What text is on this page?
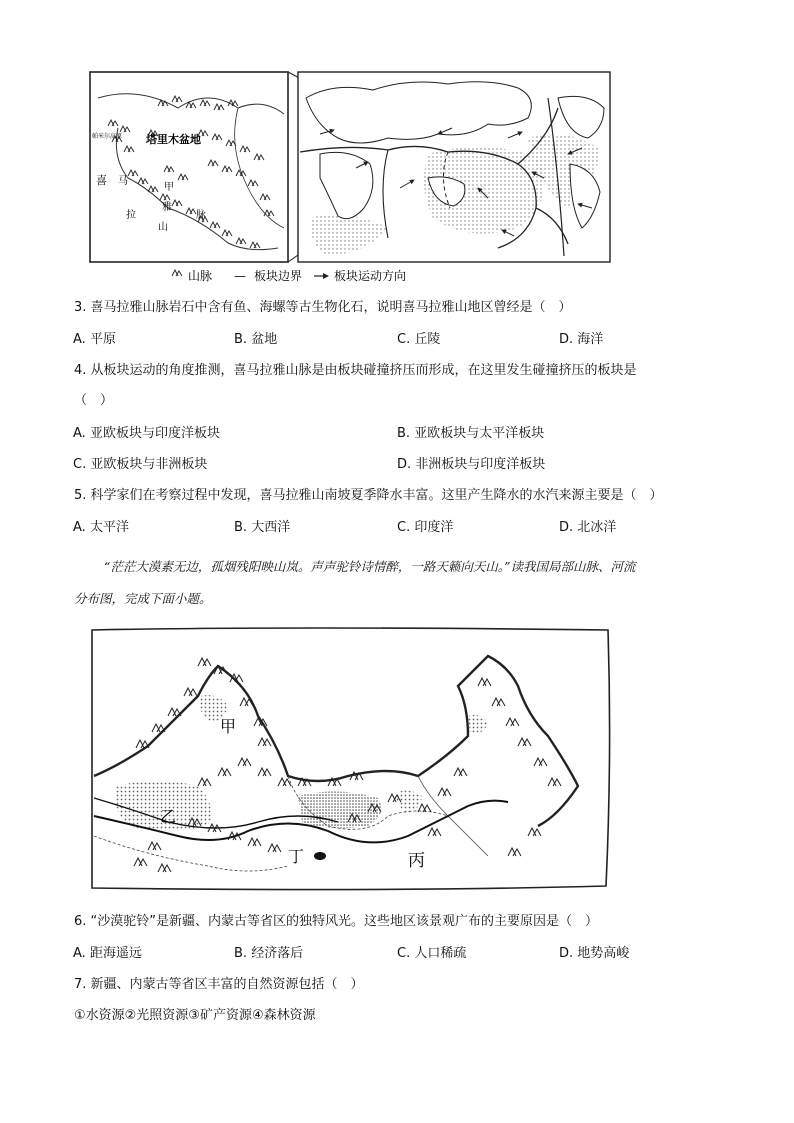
塔里木盆地
帕米尔高原
喜 马
拉
甲
雅
山
脉
山脉 — 板块边界	板块运动方向
3. 喜马拉雅山脉岩石中含有鱼、海螺等古生物化石，说明喜马拉雅山地区曾经是（　）
A. 平原	B. 盆地	C. 丘陵	D. 海洋
4. 从板块运动的角度推测，喜马拉雅山脉是由板块碰撞挤压而形成，在这里发生碰撞挤压的板块是
（　）
A. 亚欧板块与印度洋板块	B. 亚欧板块与太平洋板块
C. 亚欧板块与非洲板块	D. 非洲板块与印度洋板块
5. 科学家们在考察过程中发现，喜马拉雅山南坡夏季降水丰富。这里产生降水的水汽来源主要是（　）
A. 太平洋	B. 大西洋	C. 印度洋	D. 北冰洋
“茫茫大漠素无边，孤烟残阳映山岚。声声驼铃诗情醉，一路天籁向天山。”读我国局部山脉、河流
分布图，完成下面小题。
甲
乙
丁	丙
6. “沙漠驼铃”是新疆、内蒙古等省区的独特风光。这些地区该景观广布的主要原因是（　）
A. 距海遥远	B. 经济落后	C. 人口稀疏	D. 地势高峻
7. 新疆、内蒙古等省区丰富的自然资源包括（　）
①水资源②光照资源③矿产资源④森林资源
